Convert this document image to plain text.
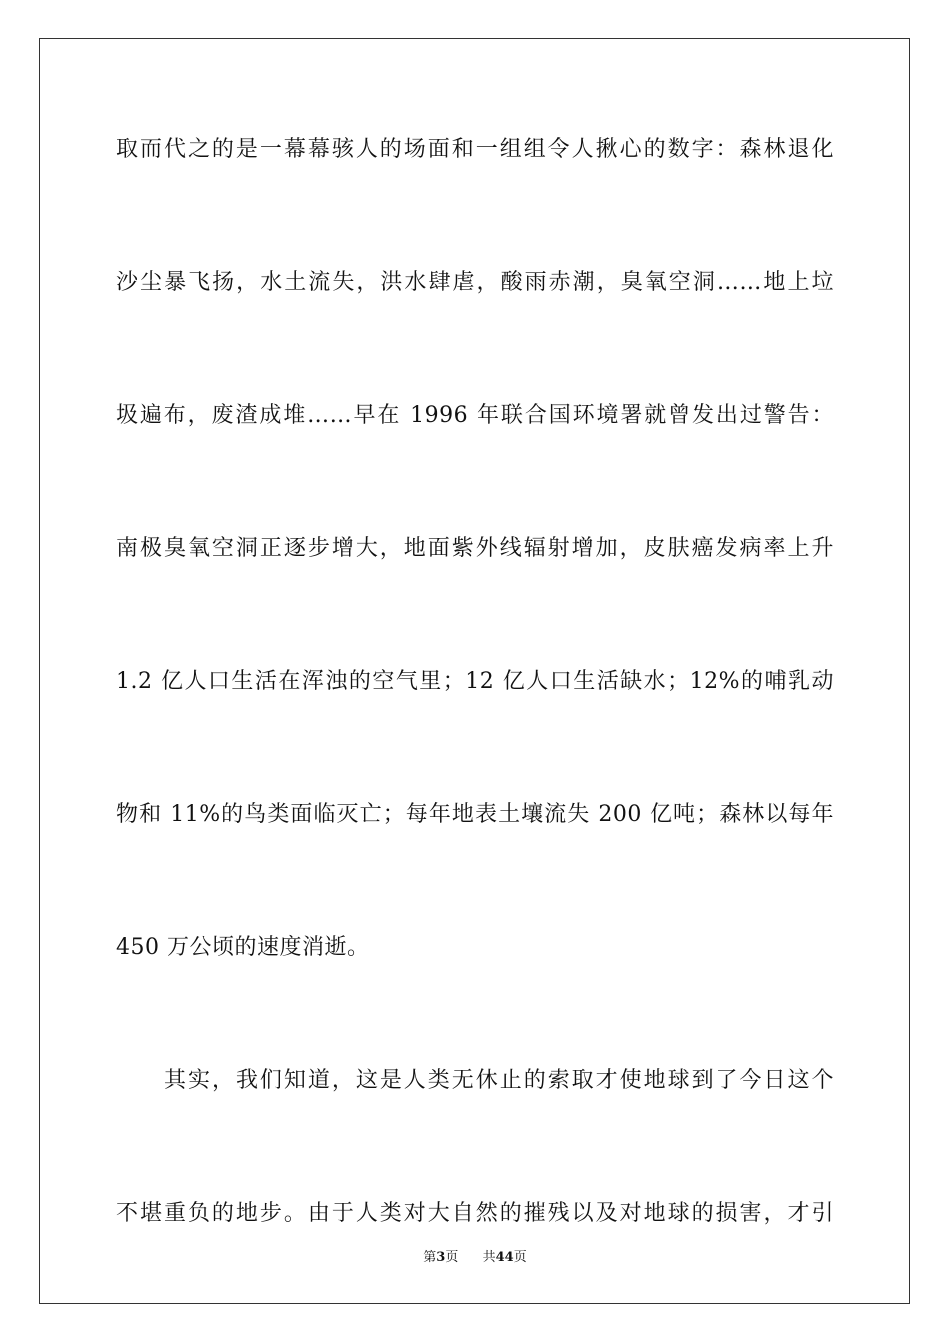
取而代之的是一幕幕骇人的场面和一组组令人揪心的数字：森林退化
沙尘暴飞扬，水土流失，洪水肆虐，酸雨赤潮，臭氧空洞……地上垃
圾遍布，废渣成堆……早在 1996 年联合国环境署就曾发出过警告：
南极臭氧空洞正逐步增大，地面紫外线辐射增加，皮肤癌发病率上升
1.2 亿人口生活在浑浊的空气里；12 亿人口生活缺水；12%的哺乳动
物和 11%的鸟类面临灭亡；每年地表土壤流失 200 亿吨；森林以每年
450 万公顷的速度消逝。
其实，我们知道，这是人类无休止的索取才使地球到了今日这个
不堪重负的地步。由于人类对大自然的摧残以及对地球的损害，才引
第3页 共44页
